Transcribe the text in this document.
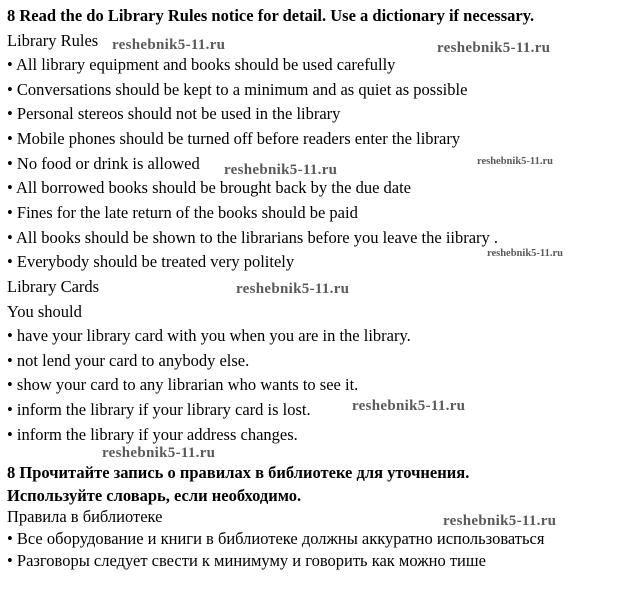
8 Read the do Library Rules notice for detail. Use a dictionary if necessary.

Library Rules

• All library equipment and books should be used carefully

• Conversations should be kept to a minimum and as quiet as possible

• Personal stereos should not be used in the library

• Mobile phones should be turned off before readers enter the library

• No food or drink is allowed

• All borrowed books should be brought back by the due date

• Fines for the late return of the books should be paid

• All books should be shown to the librarians before you leave the iibrary .

• Everybody should be treated very politely

Library Cards

You should

• have your library card with you when you are in the library.

• not lend your card to anybody else.

• show your card to any librarian who wants to see it.

• inform the library if your library card is lost.

• inform the library if your address changes.

8 Прочитайте запись о правилах в библиотеке для уточнения.

Используйте словарь, если необходимо.

Правила в библиотеке

• Все оборудование и книги в библиотеке должны аккуратно использоваться

• Разговоры следует свести к минимуму и говорить как можно тише

reshebnik5-11.ru	reshebnik5-11.ru
reshebnik5-11.ru
reshebnik5-11.ru
reshebnik5-11.ru
reshebnik5-11.ru
reshebnik5-11.ru
reshebnik5-11.ru
reshebnik5-11.ru
